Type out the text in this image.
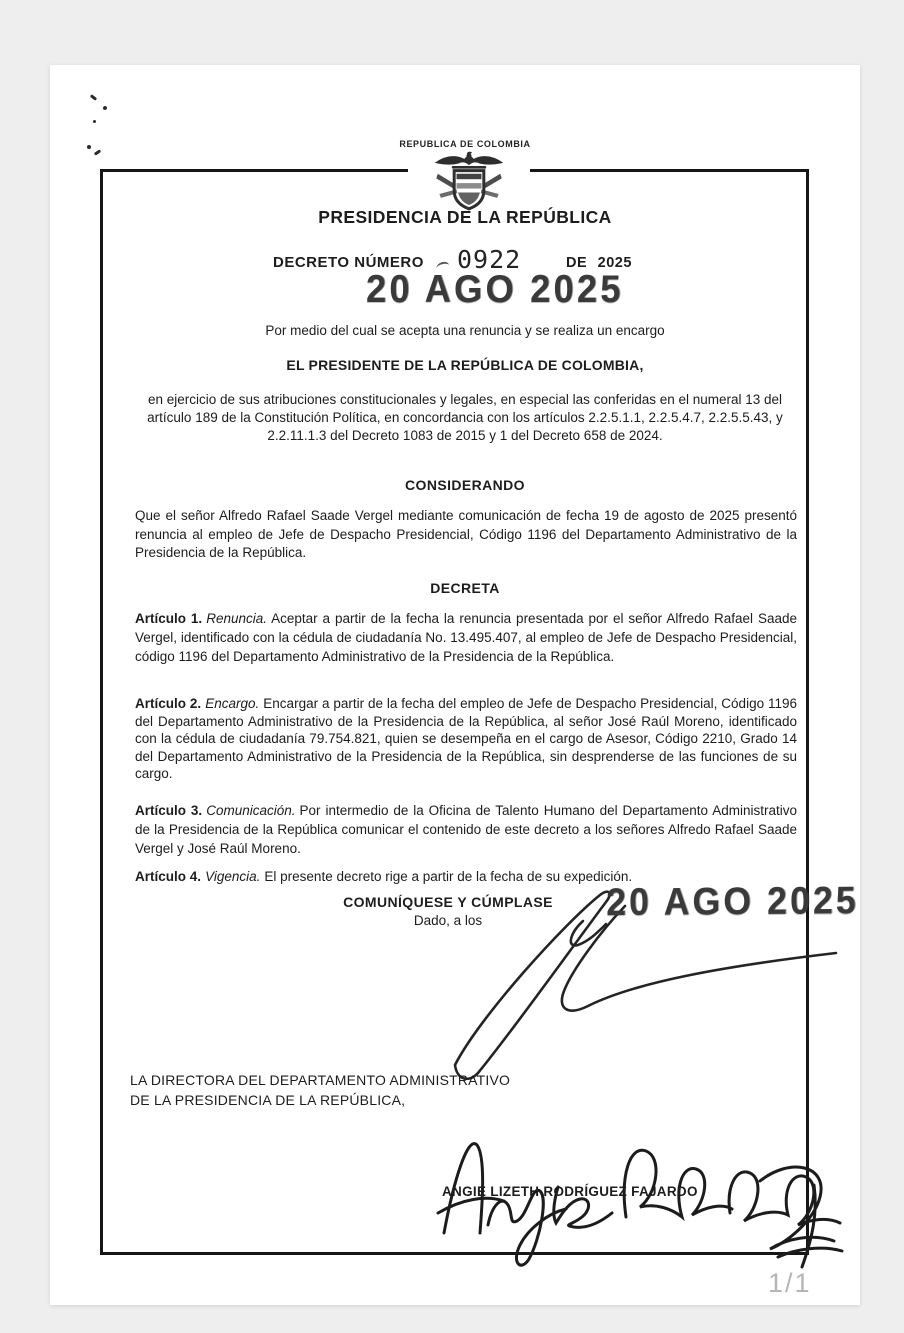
REPUBLICA DE COLOMBIA
PRESIDENCIA DE LA REPÚBLICA
DECRETO NÚMERO 0922	DE 2025
20 AGO 2025
Por medio del cual se acepta una renuncia y se realiza un encargo
EL PRESIDENTE DE LA REPÚBLICA DE COLOMBIA,
en ejercicio de sus atribuciones constitucionales y legales, en especial las conferidas en el numeral 13 del artículo 189 de la Constitución Política, en concordancia con los artículos 2.2.5.1.1, 2.2.5.4.7, 2.2.5.5.43, y 2.2.11.1.3 del Decreto 1083 de 2015 y 1 del Decreto 658 de 2024.
CONSIDERANDO
Que el señor Alfredo Rafael Saade Vergel mediante comunicación de fecha 19 de agosto de 2025 presentó renuncia al empleo de Jefe de Despacho Presidencial, Código 1196 del Departamento Administrativo de la Presidencia de la República.
DECRETA

Artículo 1. Renuncia. Aceptar a partir de la fecha la renuncia presentada por el señor Alfredo Rafael Saade Vergel, identificado con la cédula de ciudadanía No. 13.495.407, al empleo de Jefe de Despacho Presidencial, código 1196 del Departamento Administrativo de la Presidencia de la República.

Artículo 2. Encargo. Encargar a partir de la fecha del empleo de Jefe de Despacho Presidencial, Código 1196 del Departamento Administrativo de la Presidencia de la República, al señor José Raúl Moreno, identificado con la cédula de ciudadanía 79.754.821, quien se desempeña en el cargo de Asesor, Código 2210, Grado 14 del Departamento Administrativo de la Presidencia de la República, sin desprenderse de las funciones de su cargo.

Artículo 3. Comunicación. Por intermedio de la Oficina de Talento Humano del Departamento Administrativo de la Presidencia de la República comunicar el contenido de este decreto a los señores Alfredo Rafael Saade Vergel y José Raúl Moreno.

Artículo 4. Vigencia. El presente decreto rige a partir de la fecha de su expedición.

COMUNÍQUESE Y CÚMPLASE
Dado, a los	20 AGO 2025
LA DIRECTORA DEL DEPARTAMENTO ADMINISTRATIVO
DE LA PRESIDENCIA DE LA REPÚBLICA,
ANGIE LIZETH RODRÍGUEZ FAJARDO
1/1
